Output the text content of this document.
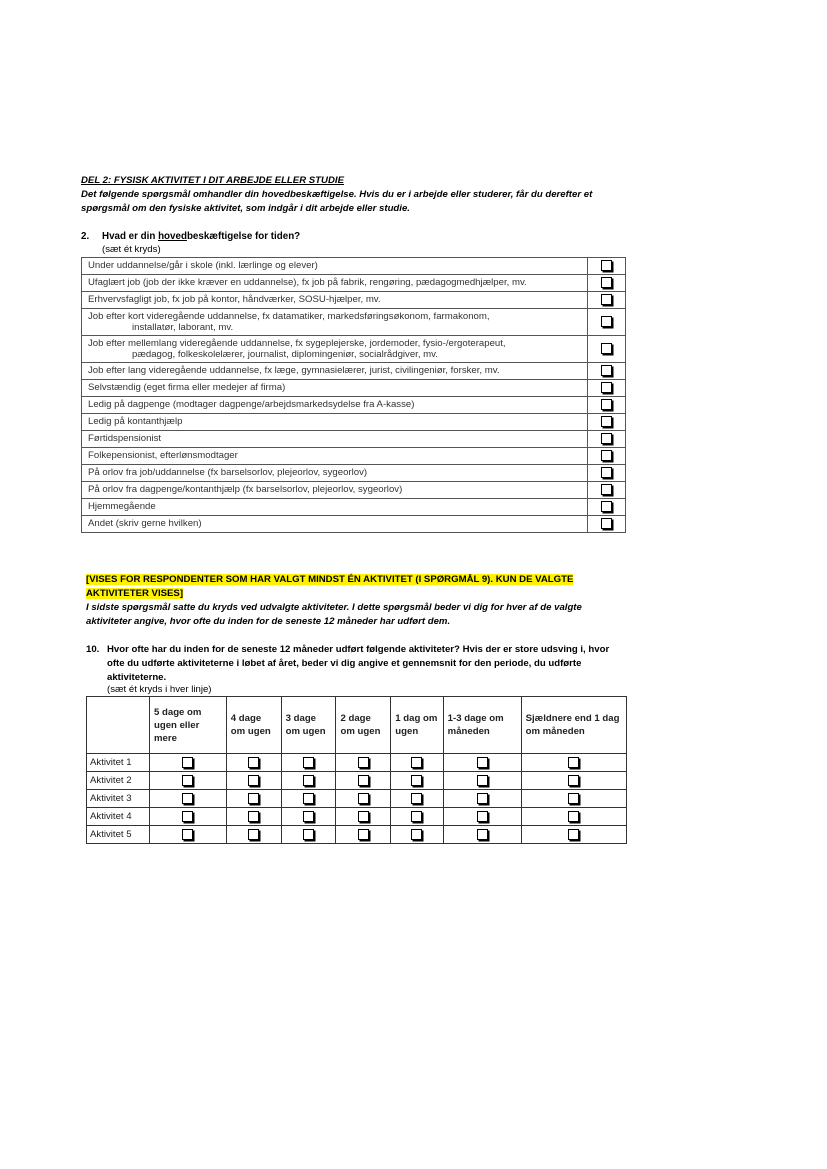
DEL 2: FYSISK AKTIVITET I DIT ARBEJDE ELLER STUDIE
Det følgende spørgsmål omhandler din hovedbeskæftigelse. Hvis du er i arbejde eller studerer, får du derefter et spørgsmål om den fysiske aktivitet, som indgår i dit arbejde eller studie.
2. Hvad er din hovedbeskæftigelse for tiden?
(sæt ét kryds)
Under uddannelse/går i skole (inkl. lærlinge og elever)	
Ufaglært job (job der ikke kræver en uddannelse), fx job på fabrik, rengøring, pædagogmedhjælper, mv.	
Erhvervsfagligt job, fx job på kontor, håndværker, SOSU-hjælper, mv.	
Job efter kort videregående uddannelse, fx datamatiker, markedsføringsøkonom, farmakonom,
installatør, laborant, mv.	

Job efter mellemlang videregående uddannelse, fx sygeplejerske, jordemoder, fysio-/ergoterapeut,
pædagog, folkeskolelærer, journalist, diplomingeniør, socialrådgiver, mv.	

Job efter lang videregående uddannelse, fx læge, gymnasielærer, jurist, civilingeniør, forsker, mv.	
Selvstændig (eget firma eller medejer af firma)	
Ledig på dagpenge (modtager dagpenge/arbejdsmarkedsydelse fra A-kasse)	
Ledig på kontanthjælp	
Førtidspensionist	
Folkepensionist, efterlønsmodtager	
På orlov fra job/uddannelse (fx barselsorlov, plejeorlov, sygeorlov)	
På orlov fra dagpenge/kontanthjælp (fx barselsorlov, plejeorlov, sygeorlov)	
Hjemmegående	
Andet (skriv gerne hvilken)	
[VISES FOR RESPONDENTER SOM HAR VALGT MINDST ÉN AKTIVITET (I SPØRGMÅL 9). KUN DE VALGTE AKTIVITETER VISES]
I sidste spørgsmål satte du kryds ved udvalgte aktiviteter. I dette spørgsmål beder vi dig for hver af de valgte aktiviteter angive, hvor ofte du inden for de seneste 12 måneder har udført dem.
10. Hvor ofte har du inden for de seneste 12 måneder udført følgende aktiviteter? Hvis der er store udsving i, hvor ofte du udførte aktiviteterne i løbet af året, beder vi dig angive et gennemsnit for den periode, du udførte aktiviteterne.
(sæt ét kryds i hver linje)
	5 dage om ugen eller mere	4 dage om ugen	3 dage om ugen	2 dage om ugen	1 dag om ugen	1-3 dage om måneden	Sjældnere end 1 dag om måneden
Aktivitet 1							
Aktivitet 2							
Aktivitet 3							
Aktivitet 4							
Aktivitet 5							
